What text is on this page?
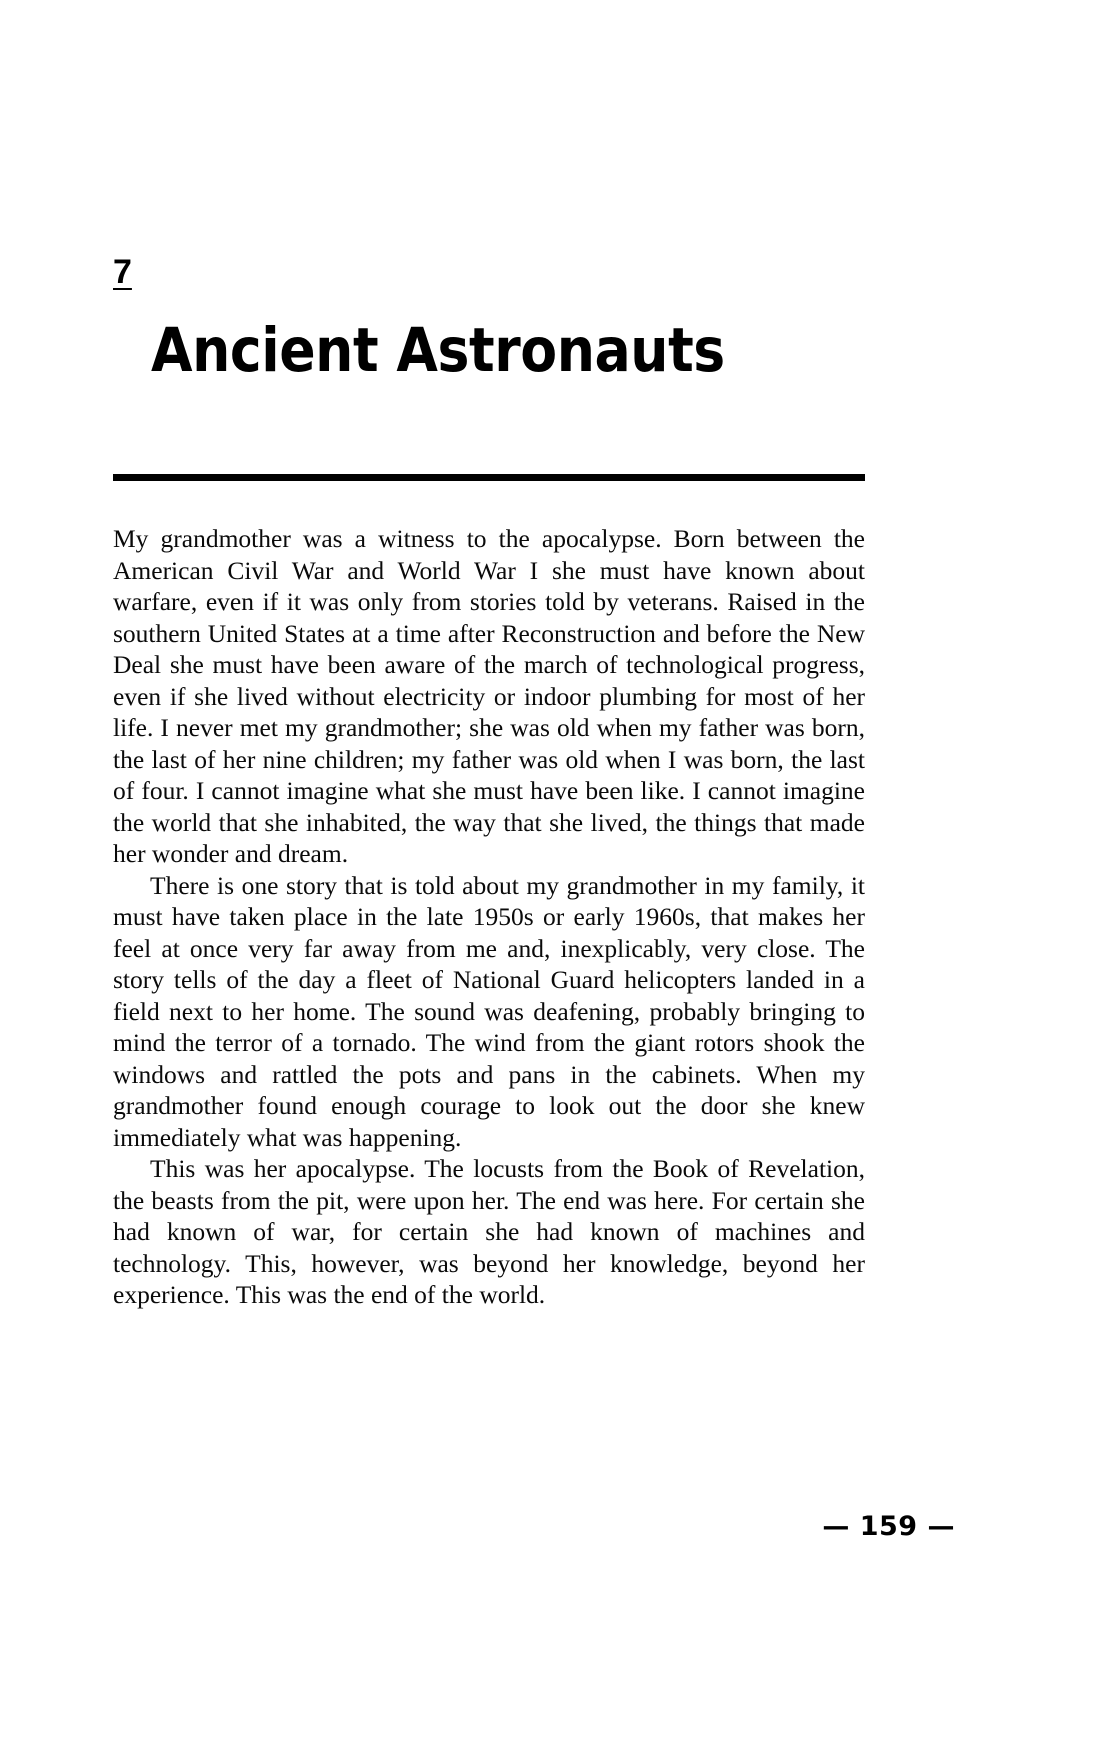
7
Ancient Astronauts

My grandmother was a witness to the apocalypse. Born between the American Civil War and World War I she must have known about warfare, even if it was only from stories told by veterans. Raised in the southern United States at a time after Reconstruction and before the New Deal she must have been aware of the march of technological progress, even if she lived without electricity or indoor plumbing for most of her life. I never met my grandmother; she was old when my father was born, the last of her nine children; my father was old when I was born, the last of four. I cannot imagine what she must have been like. I cannot imagine the world that she inhabited, the way that she lived, the things that made her wonder and dream.

There is one story that is told about my grandmother in my family, it must have taken place in the late 1950s or early 1960s, that makes her feel at once very far away from me and, inexplicably, very close. The story tells of the day a fleet of National Guard helicopters landed in a field next to her home. The sound was deafening, probably bringing to mind the terror of a tornado. The wind from the giant rotors shook the windows and rattled the pots and pans in the cabinets. When my grandmother found enough courage to look out the door she knew immediately what was happening.

This was her apocalypse. The locusts from the Book of Revelation, the beasts from the pit, were upon her. The end was here. For certain she had known of war, for certain she had known of machines and technology. This, however, was beyond her knowledge, beyond her experience. This was the end of the world.

— 159 —
